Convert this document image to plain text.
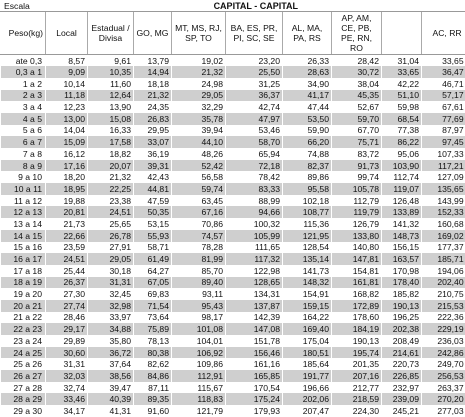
Escala	CAPITAL - CAPITAL								
Peso(kg)	Local	Estadual / Divisa	GO, MG	MT, MS, RJ, SP, TO	BA, ES, PR, PI, SC, SE	AL, MA, PA, RS	AP, AM, CE, PB, PE, RN, RO		AC, RR
ate 0,3	8,57	9,61	13,79	19,02	23,20	26,33	28,42	31,04	33,65
0,3 a 1	9,09	10,35	14,94	21,32	25,50	28,63	30,72	33,65	36,47
1 a 2	10,14	11,60	18,18	24,98	31,25	34,90	38,04	42,22	46,71
2 a 3	11,18	12,64	21,32	29,05	36,37	41,17	45,35	51,10	57,17
3 a 4	12,23	13,90	24,35	32,29	42,74	47,44	52,67	59,98	67,61
4 a 5	13,00	15,08	26,83	35,78	47,97	53,50	59,70	68,54	77,69
5 a 6	14,04	16,33	29,95	39,94	53,46	59,90	67,70	77,38	87,97
6 a 7	15,09	17,58	33,07	44,10	58,70	66,20	75,71	86,22	97,45
7 a 8	16,12	18,82	36,19	48,26	65,94	74,88	83,72	95,06	107,33
8 a 9	17,16	20,07	39,31	52,42	72,18	82,37	91,73	103,90	117,21
9 a 10	18,20	21,32	42,43	56,58	78,42	89,86	99,74	112,74	127,09
10 a 11	18,95	22,25	44,81	59,74	83,33	95,58	105,78	119,07	135,65
11 a 12	19,88	23,38	47,59	63,45	88,99	102,18	112,79	126,48	143,99
12 a 13	20,81	24,51	50,35	67,16	94,66	108,77	119,79	133,89	152,33
13 a 14	21,73	25,65	53,15	70,86	100,32	115,36	126,79	141,32	160,68
14 a 15	22,66	26,78	55,93	74,57	105,99	121,95	133,80	148,73	169,02
15 a 16	23,59	27,91	58,71	78,28	111,65	128,54	140,80	156,15	177,37
16 a 17	24,51	29,05	61,49	81,99	117,32	135,14	147,81	163,57	185,71
17 a 18	25,44	30,18	64,27	85,70	122,98	141,73	154,81	170,98	194,06
18 a 19	26,37	31,31	67,05	89,40	128,65	148,32	161,81	178,40	202,40
19 a 20	27,30	32,45	69,83	93,11	134,31	154,91	168,82	185,82	210,75
20 a 21	27,74	32,98	71,54	95,43	137,87	159,15	172,89	190,13	215,53
21 a 22	28,46	33,97	73,64	98,17	142,39	164,22	178,60	196,25	222,36
22 a 23	29,17	34,88	75,89	101,08	147,08	169,40	184,19	202,38	229,19
23 a 24	29,89	35,80	78,13	104,01	151,78	175,04	190,13	208,49	236,03
24 a 25	30,60	36,72	80,38	106,92	156,46	180,51	195,74	214,61	242,86
25 a 26	31,31	37,64	82,62	109,86	161,16	185,64	201,35	220,73	249,70
26 a 27	32,03	38,56	84,86	112,91	165,85	191,77	207,16	226,85	256,53
27 a 28	32,74	39,47	87,11	115,67	170,54	196,66	212,77	232,97	263,37
28 a 29	33,46	40,39	89,35	118,83	175,24	202,06	218,59	239,09	270,20
29 a 30	34,17	41,31	91,60	121,79	179,93	207,47	224,30	245,21	277,03
